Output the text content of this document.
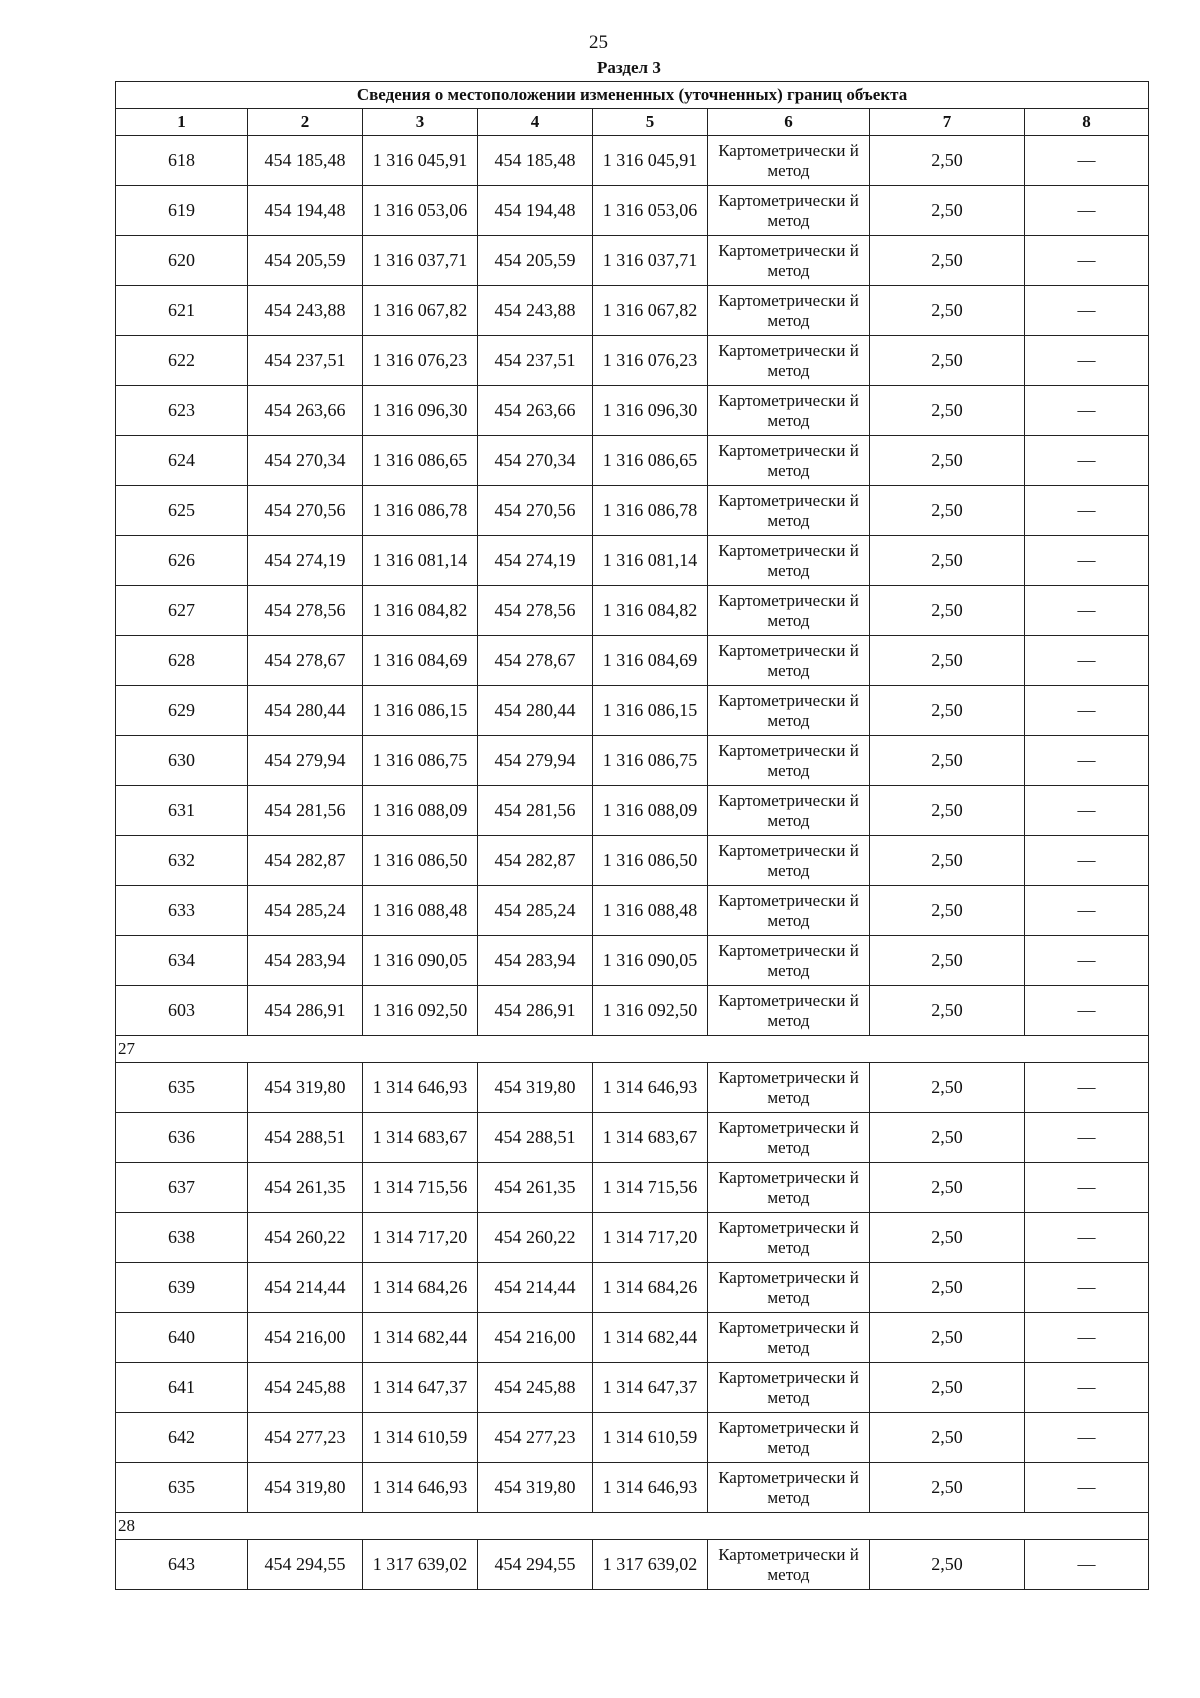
25
Раздел 3
Сведения о местоположении измененных (уточненных) границ объекта							
1	2	3	4	5	6	7	8
618	454 185,48	1 316 045,91	454 185,48	1 316 045,91	Картометрически й метод	2,50	—
619	454 194,48	1 316 053,06	454 194,48	1 316 053,06	Картометрически й метод	2,50	—
620	454 205,59	1 316 037,71	454 205,59	1 316 037,71	Картометрически й метод	2,50	—
621	454 243,88	1 316 067,82	454 243,88	1 316 067,82	Картометрически й метод	2,50	—
622	454 237,51	1 316 076,23	454 237,51	1 316 076,23	Картометрически й метод	2,50	—
623	454 263,66	1 316 096,30	454 263,66	1 316 096,30	Картометрически й метод	2,50	—
624	454 270,34	1 316 086,65	454 270,34	1 316 086,65	Картометрически й метод	2,50	—
625	454 270,56	1 316 086,78	454 270,56	1 316 086,78	Картометрически й метод	2,50	—
626	454 274,19	1 316 081,14	454 274,19	1 316 081,14	Картометрически й метод	2,50	—
627	454 278,56	1 316 084,82	454 278,56	1 316 084,82	Картометрически й метод	2,50	—
628	454 278,67	1 316 084,69	454 278,67	1 316 084,69	Картометрически й метод	2,50	—
629	454 280,44	1 316 086,15	454 280,44	1 316 086,15	Картометрически й метод	2,50	—
630	454 279,94	1 316 086,75	454 279,94	1 316 086,75	Картометрически й метод	2,50	—
631	454 281,56	1 316 088,09	454 281,56	1 316 088,09	Картометрически й метод	2,50	—
632	454 282,87	1 316 086,50	454 282,87	1 316 086,50	Картометрически й метод	2,50	—
633	454 285,24	1 316 088,48	454 285,24	1 316 088,48	Картометрически й метод	2,50	—
634	454 283,94	1 316 090,05	454 283,94	1 316 090,05	Картометрически й метод	2,50	—
603	454 286,91	1 316 092,50	454 286,91	1 316 092,50	Картометрически й метод	2,50	—
27							
635	454 319,80	1 314 646,93	454 319,80	1 314 646,93	Картометрически й метод	2,50	—
636	454 288,51	1 314 683,67	454 288,51	1 314 683,67	Картометрически й метод	2,50	—
637	454 261,35	1 314 715,56	454 261,35	1 314 715,56	Картометрически й метод	2,50	—
638	454 260,22	1 314 717,20	454 260,22	1 314 717,20	Картометрически й метод	2,50	—
639	454 214,44	1 314 684,26	454 214,44	1 314 684,26	Картометрически й метод	2,50	—
640	454 216,00	1 314 682,44	454 216,00	1 314 682,44	Картометрически й метод	2,50	—
641	454 245,88	1 314 647,37	454 245,88	1 314 647,37	Картометрически й метод	2,50	—
642	454 277,23	1 314 610,59	454 277,23	1 314 610,59	Картометрически й метод	2,50	—
635	454 319,80	1 314 646,93	454 319,80	1 314 646,93	Картометрически й метод	2,50	—
28							
643	454 294,55	1 317 639,02	454 294,55	1 317 639,02	Картометрически й метод	2,50	—
